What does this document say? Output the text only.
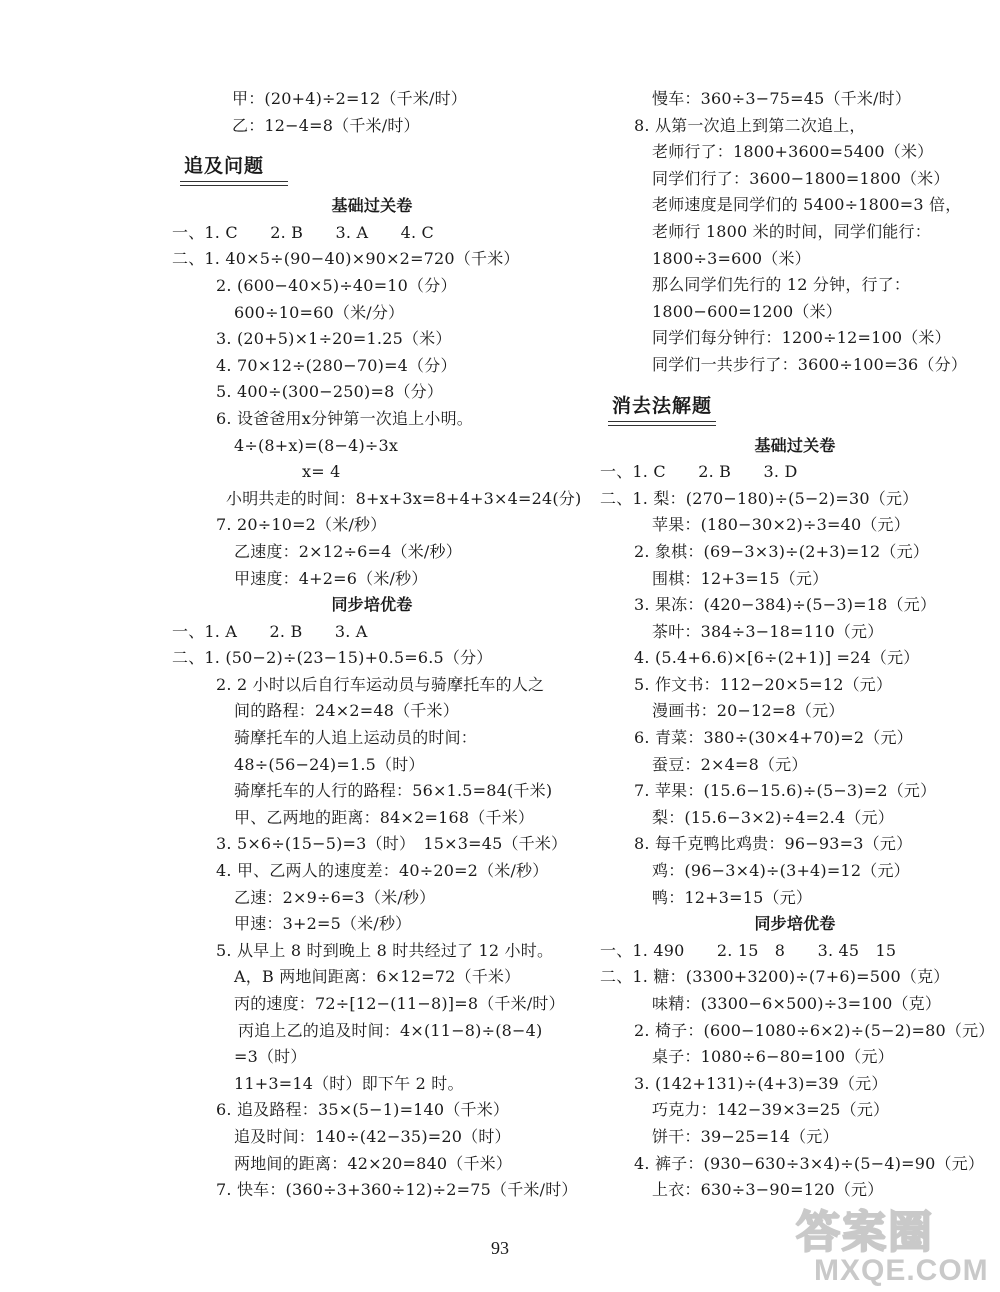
甲：(20+4)÷2=12（千米/时）
乙：12−4=8（千米/时）
追及问题
基础过关卷
一、1. C　　2. B　　3. A　　4. C
二、1. 40×5÷(90−40)×90×2=720（千米）
2. (600−40×5)÷40=10（分）
600÷10=60（米/分）
3. (20+5)×1÷20=1.25（米）
4. 70×12÷(280−70)=4（分）
5. 400÷(300−250)=8（分）
6. 设爸爸用x分钟第一次追上小明。
4÷(8+x)=(8−4)÷3x
x= 4
小明共走的时间：8+x+3x=8+4+3×4=24(分)
7. 20÷10=2（米/秒）
乙速度：2×12÷6=4（米/秒）
甲速度：4+2=6（米/秒）
同步培优卷
一、1. A　　2. B　　3. A
二、1. (50−2)÷(23−15)+0.5=6.5（分）
2. 2 小时以后自行车运动员与骑摩托车的人之
间的路程：24×2=48（千米）
骑摩托车的人追上运动员的时间：
48÷(56−24)=1.5（时）
骑摩托车的人行的路程：56×1.5=84(千米)
甲、乙两地的距离：84×2=168（千米）
3. 5×6÷(15−5)=3（时）　15×3=45（千米）
4. 甲、乙两人的速度差：40÷20=2（米/秒）
乙速：2×9÷6=3（米/秒）
甲速：3+2=5（米/秒）
5. 从早上 8 时到晚上 8 时共经过了 12 小时。
A，B 两地间距离：6×12=72（千米）
丙的速度：72÷[12−(11−8)]=8（千米/时）
丙追上乙的追及时间：4×(11−8)÷(8−4)
=3（时）
11+3=14（时）即下午 2 时。
6. 追及路程：35×(5−1)=140（千米）
追及时间：140÷(42−35)=20（时）
两地间的距离：42×20=840（千米）
7. 快车：(360÷3+360÷12)÷2=75（千米/时）
慢车：360÷3−75=45（千米/时）
8. 从第一次追上到第二次追上，
老师行了：1800+3600=5400（米）
同学们行了：3600−1800=1800（米）
老师速度是同学们的 5400÷1800=3 倍，
老师行 1800 米的时间，同学们能行：
1800÷3=600（米）
那么同学们先行的 12 分钟，行了：
1800−600=1200（米）
同学们每分钟行：1200÷12=100（米）
同学们一共步行了：3600÷100=36（分）
消去法解题
基础过关卷
一、1. C　　2. B　　3. D
二、1. 梨：(270−180)÷(5−2)=30（元）
苹果：(180−30×2)÷3=40（元）
2. 象棋：(69−3×3)÷(2+3)=12（元）
围棋：12+3=15（元）
3. 果冻：(420−384)÷(5−3)=18（元）
茶叶：384÷3−18=110（元）
4. (5.4+6.6)×[6÷(2+1)] =24（元）
5. 作文书：112−20×5=12（元）
漫画书：20−12=8（元）
6. 青菜：380÷(30×4+70)=2（元）
蚕豆：2×4=8（元）
7. 苹果：(15.6−15.6)÷(5−3)=2（元）
梨：(15.6−3×2)÷4=2.4（元）
8. 每千克鸭比鸡贵：96−93=3（元）
鸡：(96−3×4)÷(3+4)=12（元）
鸭：12+3=15（元）
同步培优卷
一、1. 490　　2. 15　8　　3. 45　15
二、1. 糖：(3300+3200)÷(7+6)=500（克）
味精：(3300−6×500)÷3=100（克）
2. 椅子：(600−1080÷6×2)÷(5−2)=80（元）
桌子：1080÷6−80=100（元）
3. (142+131)÷(4+3)=39（元）
巧克力：142−39×3=25（元）
饼干：39−25=14（元）
4. 裤子：(930−630÷3×4)÷(5−4)=90（元）
上衣：630÷3−90=120（元）
93	答案圈
MXQE.COM
